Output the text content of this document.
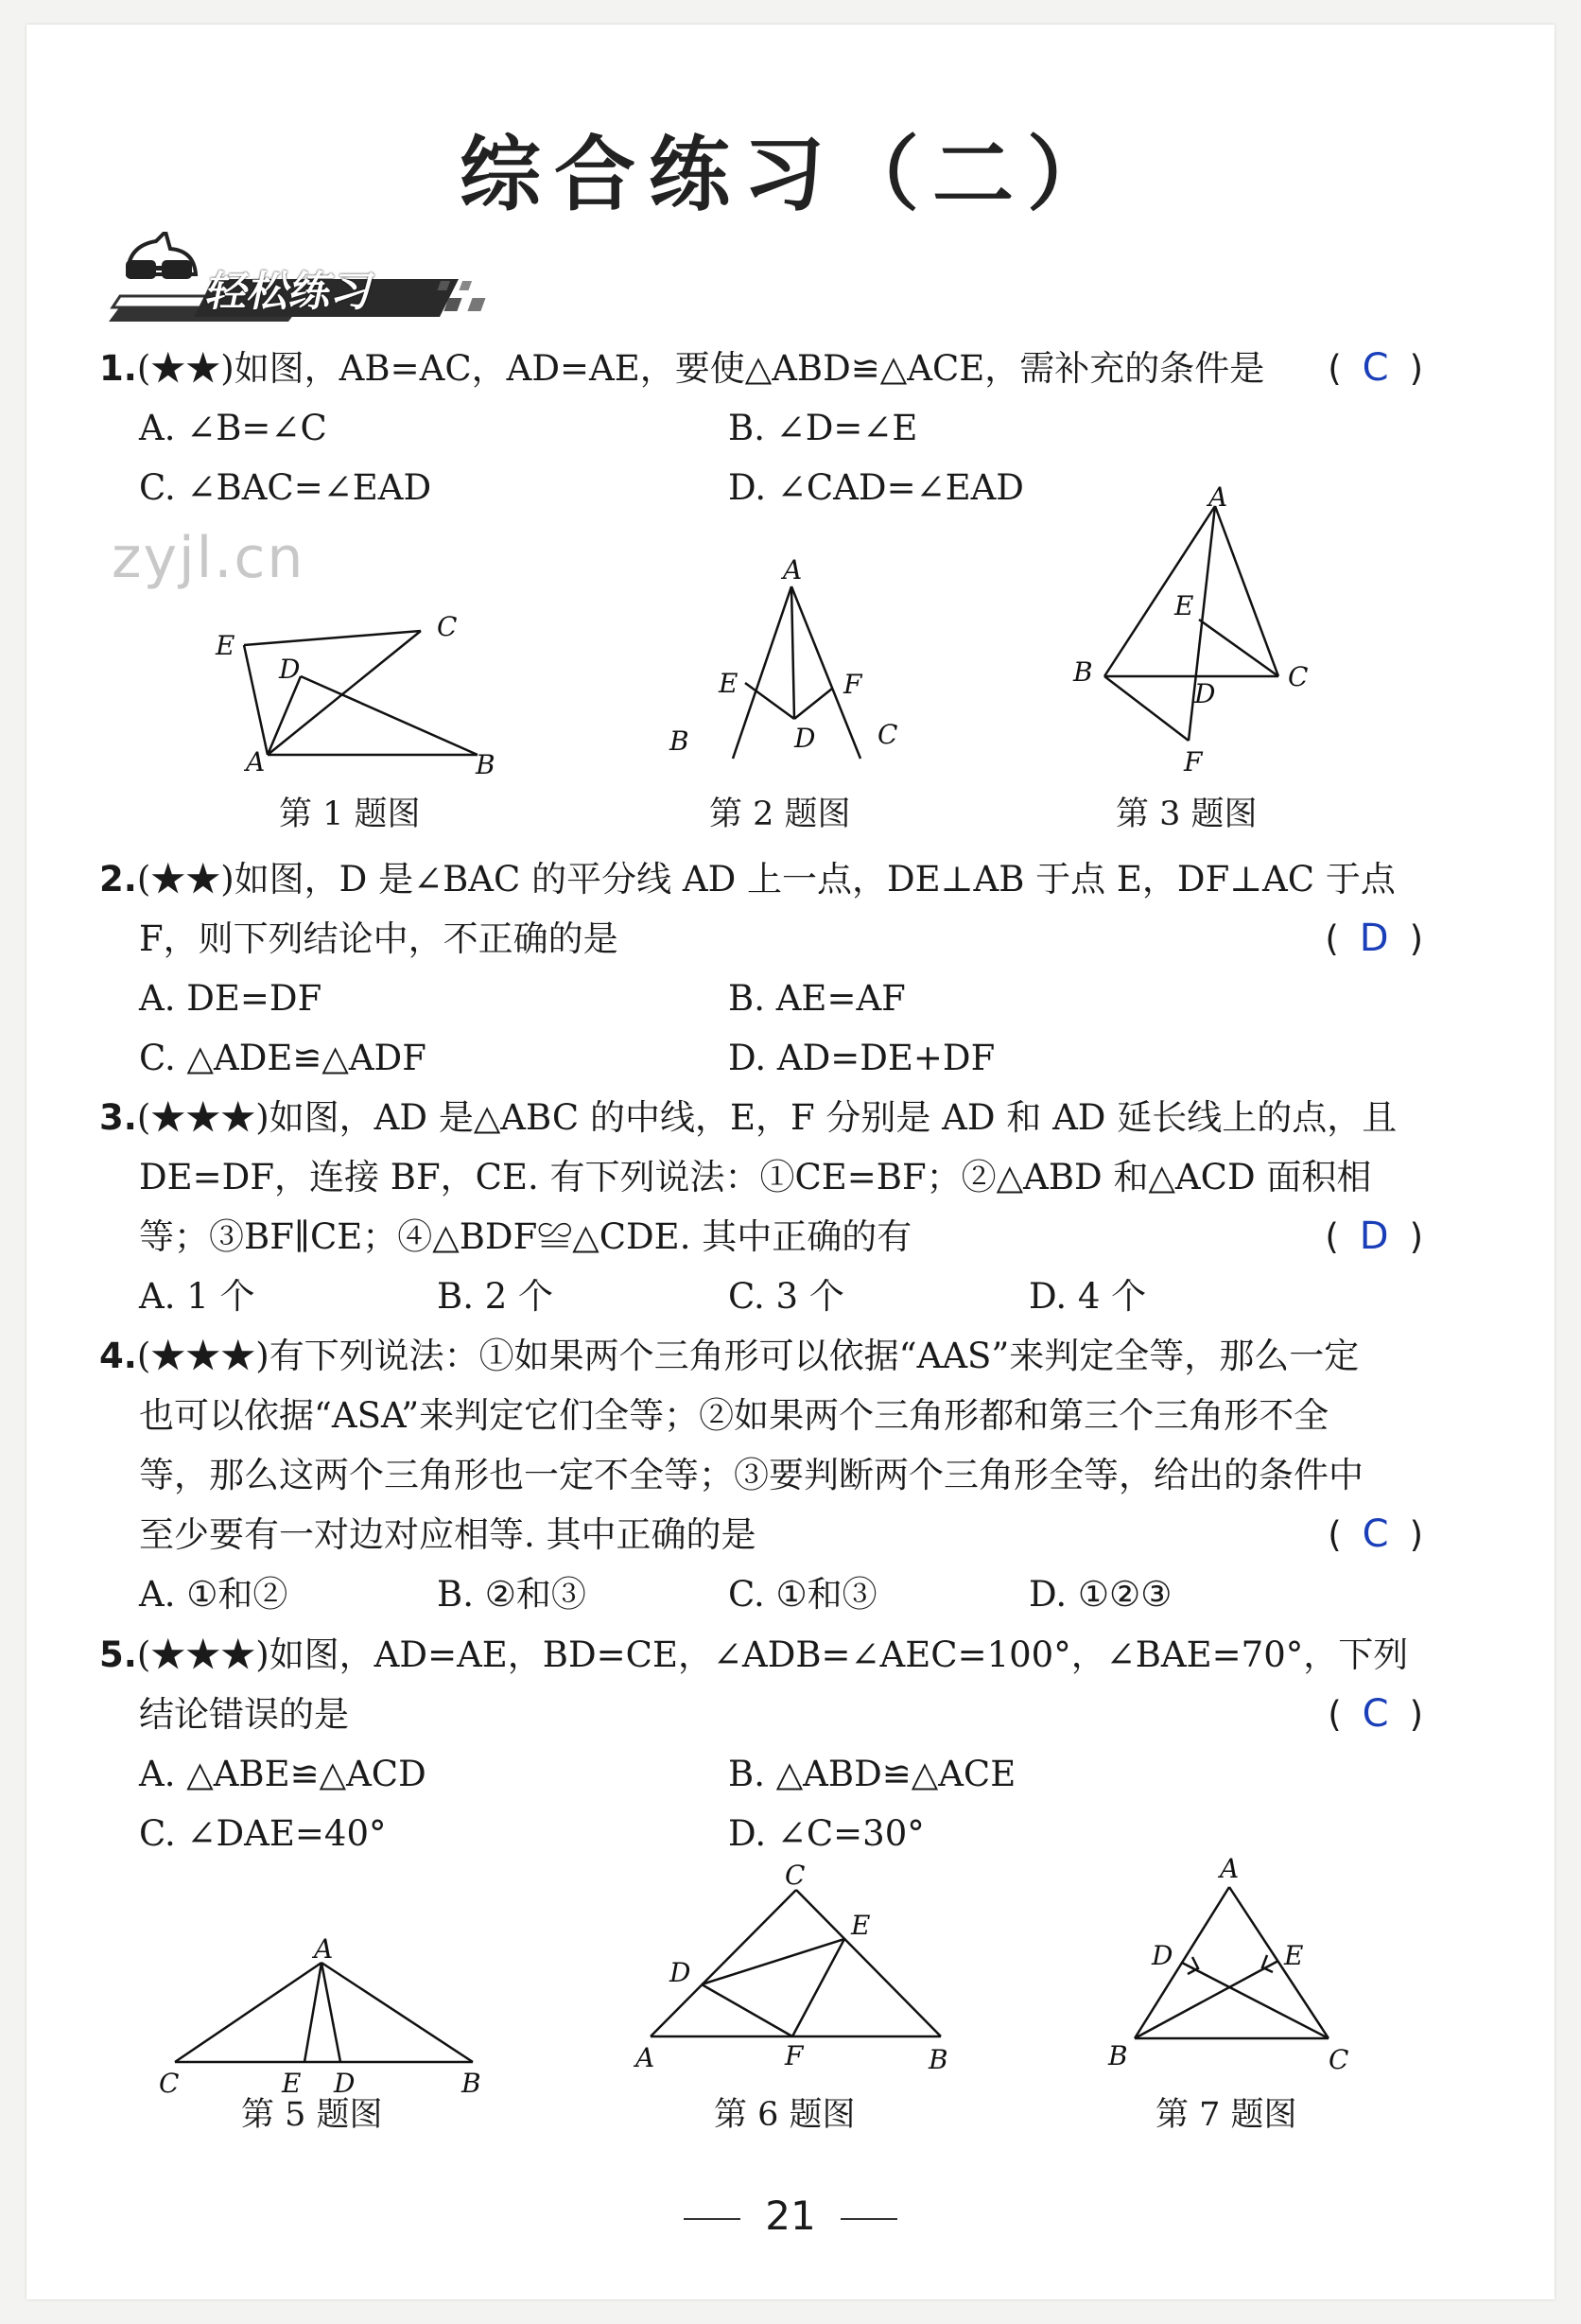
综合练习（二）
轻松练习
zyjl.cn
1.(★★)如图，AB=AC，AD=AE，要使△ABD≌△ACE，需补充的条件是 ( C )
A. ∠B=∠C	B. ∠D=∠E
C. ∠BAC=∠EAD	D. ∠CAD=∠EAD
E
D
C
A	B
第 1 题图
A
E	F
B	D C
第 2 题图
A
E
B
D
C
F
第 3 题图
2.(★★)如图，D 是∠BAC 的平分线 AD 上一点，DE⊥AB 于点 E，DF⊥AC 于点
F，则下列结论中，不正确的是	( D )
A. DE=DF	B. AE=AF
C. △ADE≌△ADF	D. AD=DE+DF
3.(★★★)如图，AD 是△ABC 的中线，E，F 分别是 AD 和 AD 延长线上的点，且
DE=DF，连接 BF，CE. 有下列说法：①CE=BF；②△ABD 和△ACD 面积相
等；③BF∥CE；④△BDF≌△CDE. 其中正确的有	( D )
A. 1 个	B. 2 个	C. 3 个	D. 4 个
4.(★★★)有下列说法：①如果两个三角形可以依据“AAS”来判定全等，那么一定
也可以依据“ASA”来判定它们全等；②如果两个三角形都和第三个三角形不全
等，那么这两个三角形也一定不全等；③要判断两个三角形全等，给出的条件中
至少要有一对边对应相等. 其中正确的是	( C )
A. ①和②	B. ②和③	C. ①和③	D. ①②③
5.(★★★)如图，AD=AE，BD=CE，∠ADB=∠AEC=100°，∠BAE=70°，下列
结论错误的是	( C )
A. △ABE≌△ACD	B. △ABD≌△ACE
C. ∠DAE=40°	D. ∠C=30°
A
C	E D	B
第 5 题图
C
E
D
A	F	B
第 6 题图
A
D	E
B	C
第 7 题图
21
